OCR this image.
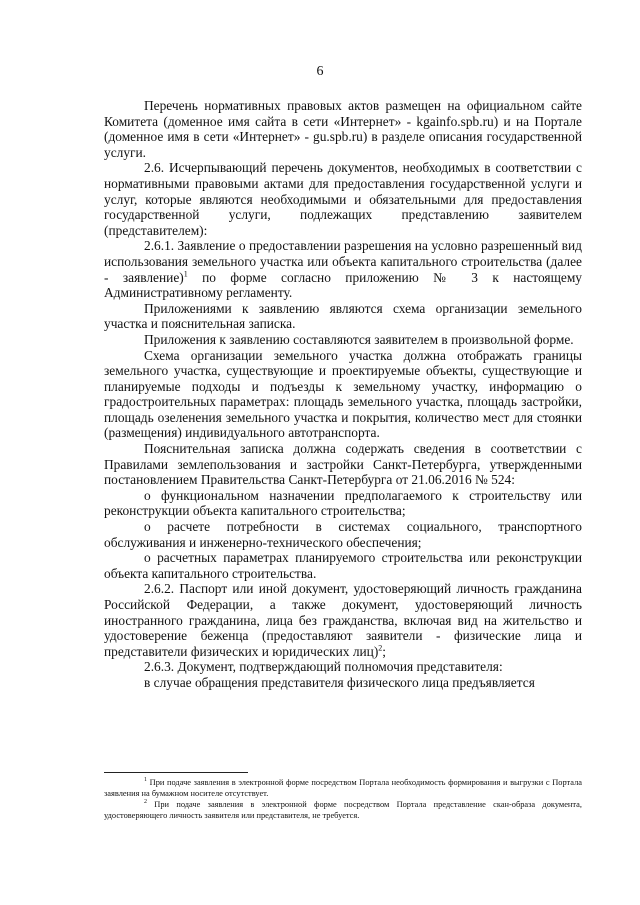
6

Перечень нормативных правовых актов размещен на официальном сайте Комитета (доменное имя сайта в сети «Интернет» - kgainfo.spb.ru) и на Портале (доменное имя в сети «Интернет» - gu.spb.ru) в разделе описания государственной услуги.

2.6. Исчерпывающий перечень документов, необходимых в соответствии с нормативными правовыми актами для предоставления государственной услуги и услуг, которые являются необходимыми и обязательными для предоставления государственной услуги, подлежащих представлению заявителем (представителем):

2.6.1. Заявление о предоставлении разрешения на условно разрешенный вид использования земельного участка или объекта капитального строительства (далее - заявление)$^1$ по форме согласно приложению № 3 к настоящему Административному регламенту.

Приложениями к заявлению являются схема организации земельного участка и пояснительная записка.

Приложения к заявлению составляются заявителем в произвольной форме.

Схема организации земельного участка должна отображать границы земельного участка, существующие и проектируемые объекты, существующие и планируемые подходы и подъезды к земельному участку, информацию о градостроительных параметрах: площадь земельного участка, площадь застройки, площадь озеленения земельного участка и покрытия, количество мест для стоянки (размещения) индивидуального автотранспорта.

Пояснительная записка должна содержать сведения в соответствии с Правилами землепользования и застройки Санкт-Петербурга, утвержденными постановлением Правительства Санкт-Петербурга от 21.06.2016 № 524:

о функциональном назначении предполагаемого к строительству или реконструкции объекта капитального строительства;

о расчете потребности в системах социального, транспортного обслуживания и инженерно-технического обеспечения;

о расчетных параметрах планируемого строительства или реконструкции объекта капитального строительства.

2.6.2. Паспорт или иной документ, удостоверяющий личность гражданина Российской Федерации, а также документ, удостоверяющий личность иностранного гражданина, лица без гражданства, включая вид на жительство и удостоверение беженца (предоставляют заявители - физические лица и представители физических и юридических лиц)$^2$;

2.6.3. Документ, подтверждающий полномочия представителя:

в случае обращения представителя физического лица предъявляется

$^1$ При подаче заявления в электронной форме посредством Портала необходимость формирования и выгрузки с Портала заявления на бумажном носителе отсутствует.

$^2$ При подаче заявления в электронной форме посредством Портала представление скан-образа документа, удостоверяющего личность заявителя или представителя, не требуется.
